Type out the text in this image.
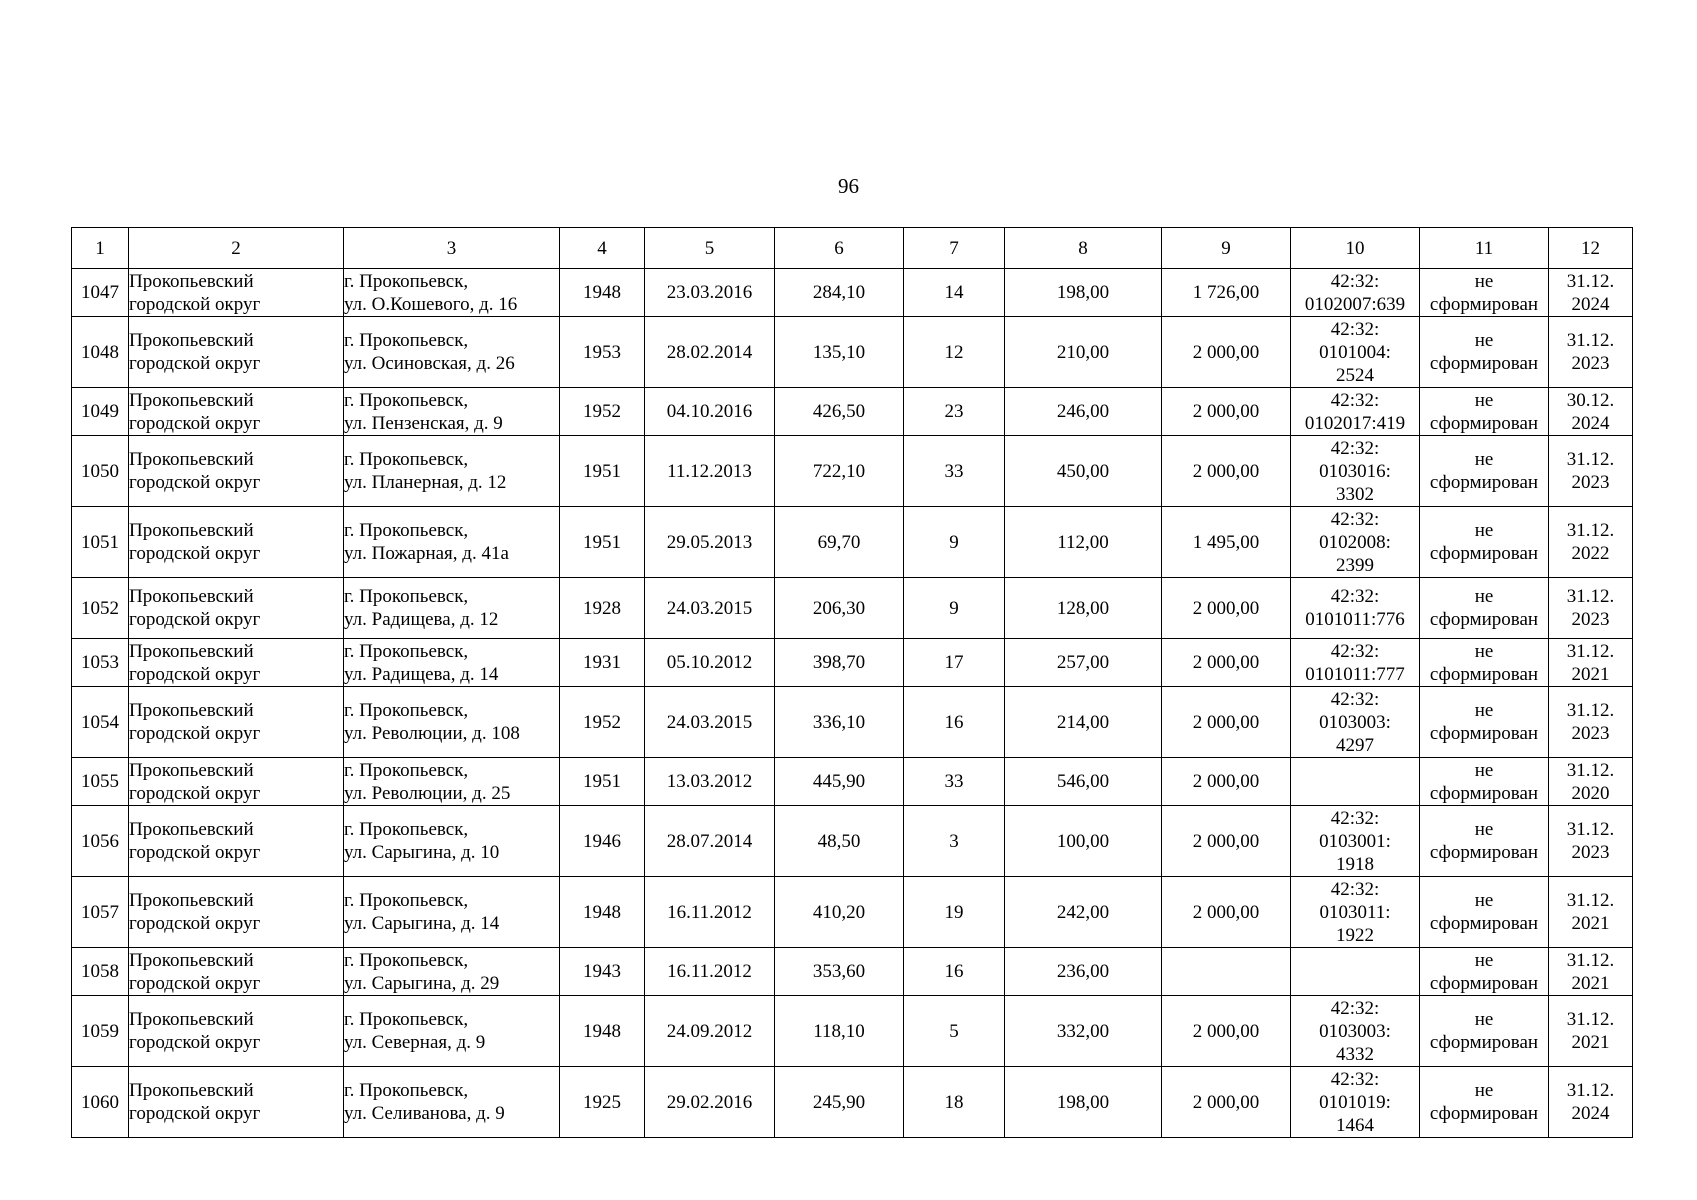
96
1	2	3	4	5	6	7	8	9	10	11	12
1047	Прокопьевский
городской округ	г. Прокопьевск,
ул. О.Кошевого, д. 16	1948	23.03.2016	284,10	14	198,00	1 726,00	42:32:
0102007:639	не
сформирован	31.12.
2024

1048	Прокопьевский
городской округ	г. Прокопьевск,
ул. Осиновская, д. 26	1953	28.02.2014	135,10	12	210,00	2 000,00	42:32:
0101004:
2524	не
сформирован	31.12.
2023

1049	Прокопьевский
городской округ	г. Прокопьевск,
ул. Пензенская, д. 9	1952	04.10.2016	426,50	23	246,00	2 000,00	42:32:
0102017:419	не
сформирован	30.12.
2024

1050	Прокопьевский
городской округ	г. Прокопьевск,
ул. Планерная, д. 12	1951	11.12.2013	722,10	33	450,00	2 000,00	42:32:
0103016:
3302	не
сформирован	31.12.
2023

1051	Прокопьевский
городской округ	г. Прокопьевск,
ул. Пожарная, д. 41а	1951	29.05.2013	69,70	9	112,00	1 495,00	42:32:
0102008:
2399	не
сформирован	31.12.
2022

1052	Прокопьевский
городской округ	г. Прокопьевск,
ул. Радищева, д. 12	1928	24.03.2015	206,30	9	128,00	2 000,00	42:32:
0101011:776	не
сформирован	31.12.
2023

1053	Прокопьевский
городской округ	г. Прокопьевск,
ул. Радищева, д. 14	1931	05.10.2012	398,70	17	257,00	2 000,00	42:32:
0101011:777	не
сформирован	31.12.
2021

1054	Прокопьевский
городской округ	г. Прокопьевск,
ул. Революции, д. 108	1952	24.03.2015	336,10	16	214,00	2 000,00	42:32:
0103003:
4297	не
сформирован	31.12.
2023

1055	Прокопьевский
городской округ	г. Прокопьевск,
ул. Революции, д. 25	1951	13.03.2012	445,90	33	546,00	2 000,00		не
сформирован	31.12.
2020

1056	Прокопьевский
городской округ	г. Прокопьевск,
ул. Сарыгина, д. 10	1946	28.07.2014	48,50	3	100,00	2 000,00	42:32:
0103001:
1918	не
сформирован	31.12.
2023

1057	Прокопьевский
городской округ	г. Прокопьевск,
ул. Сарыгина, д. 14	1948	16.11.2012	410,20	19	242,00	2 000,00	42:32:
0103011:
1922	не
сформирован	31.12.
2021

1058	Прокопьевский
городской округ	г. Прокопьевск,
ул. Сарыгина, д. 29	1943	16.11.2012	353,60	16	236,00			не
сформирован	31.12.
2021

1059	Прокопьевский
городской округ	г. Прокопьевск,
ул. Северная, д. 9	1948	24.09.2012	118,10	5	332,00	2 000,00	42:32:
0103003:
4332	не
сформирован	31.12.
2021

1060	Прокопьевский
городской округ	г. Прокопьевск,
ул. Селиванова, д. 9	1925	29.02.2016	245,90	18	198,00	2 000,00	42:32:
0101019:
1464	не
сформирован	31.12.
2024
